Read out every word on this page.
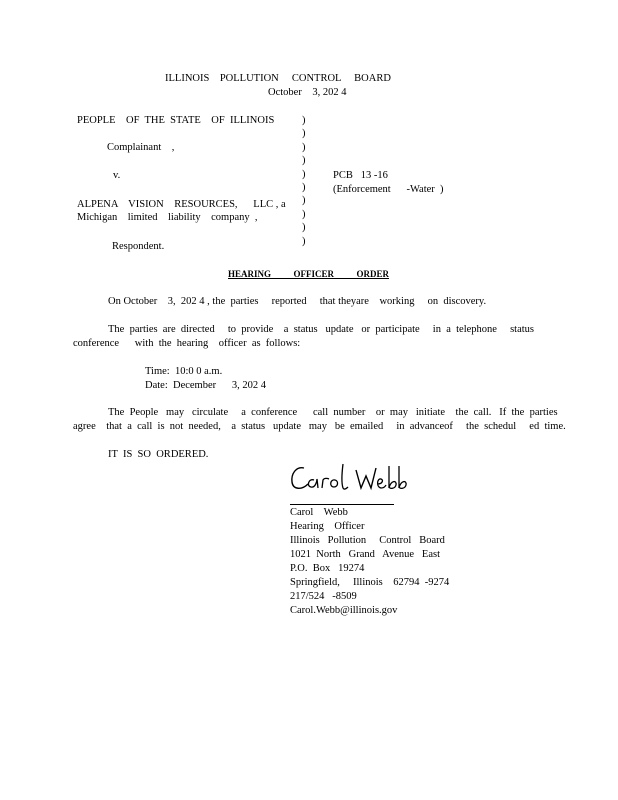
ILLINOIS    POLLUTION     CONTROL     BOARD
October    3, 202 4
PEOPLE    OF  THE  STATE    OF  ILLINOIS
Complainant    ,
v.
ALPENA    VISION    RESOURCES,      LLC , a
Michigan    limited    liability    company  ,
Respondent.
)
)
)
)
)
)
)
)
)
)
PCB   13 -16
(Enforcement      -Water  )
HEARING          OFFICER          ORDER
On October    3,  202 4 , the  parties     reported     that theyare    working     on  discovery.
The  parties  are  directed     to  provide    a  status   update   or  participate     in  a  telephone     status
conference      with  the  hearing    officer  as  follows:
Time:  10:0 0 a.m.
Date:  December      3, 202 4
The  People   may   circulate     a  conference      call  number    or  may   initiate    the  call.   If  the  parties
agree    that  a  call  is  not  needed,    a  status   update   may   be  emailed     in  advanceof     the  schedul     ed  time.
IT  IS  SO  ORDERED.
Carol    Webb
Hearing    Officer
Illinois   Pollution     Control   Board
1021  North   Grand   Avenue   East
P.O.  Box   19274
Springfield,     Illinois    62794  -9274
217/524   -8509
Carol.Webb@illinois.gov
